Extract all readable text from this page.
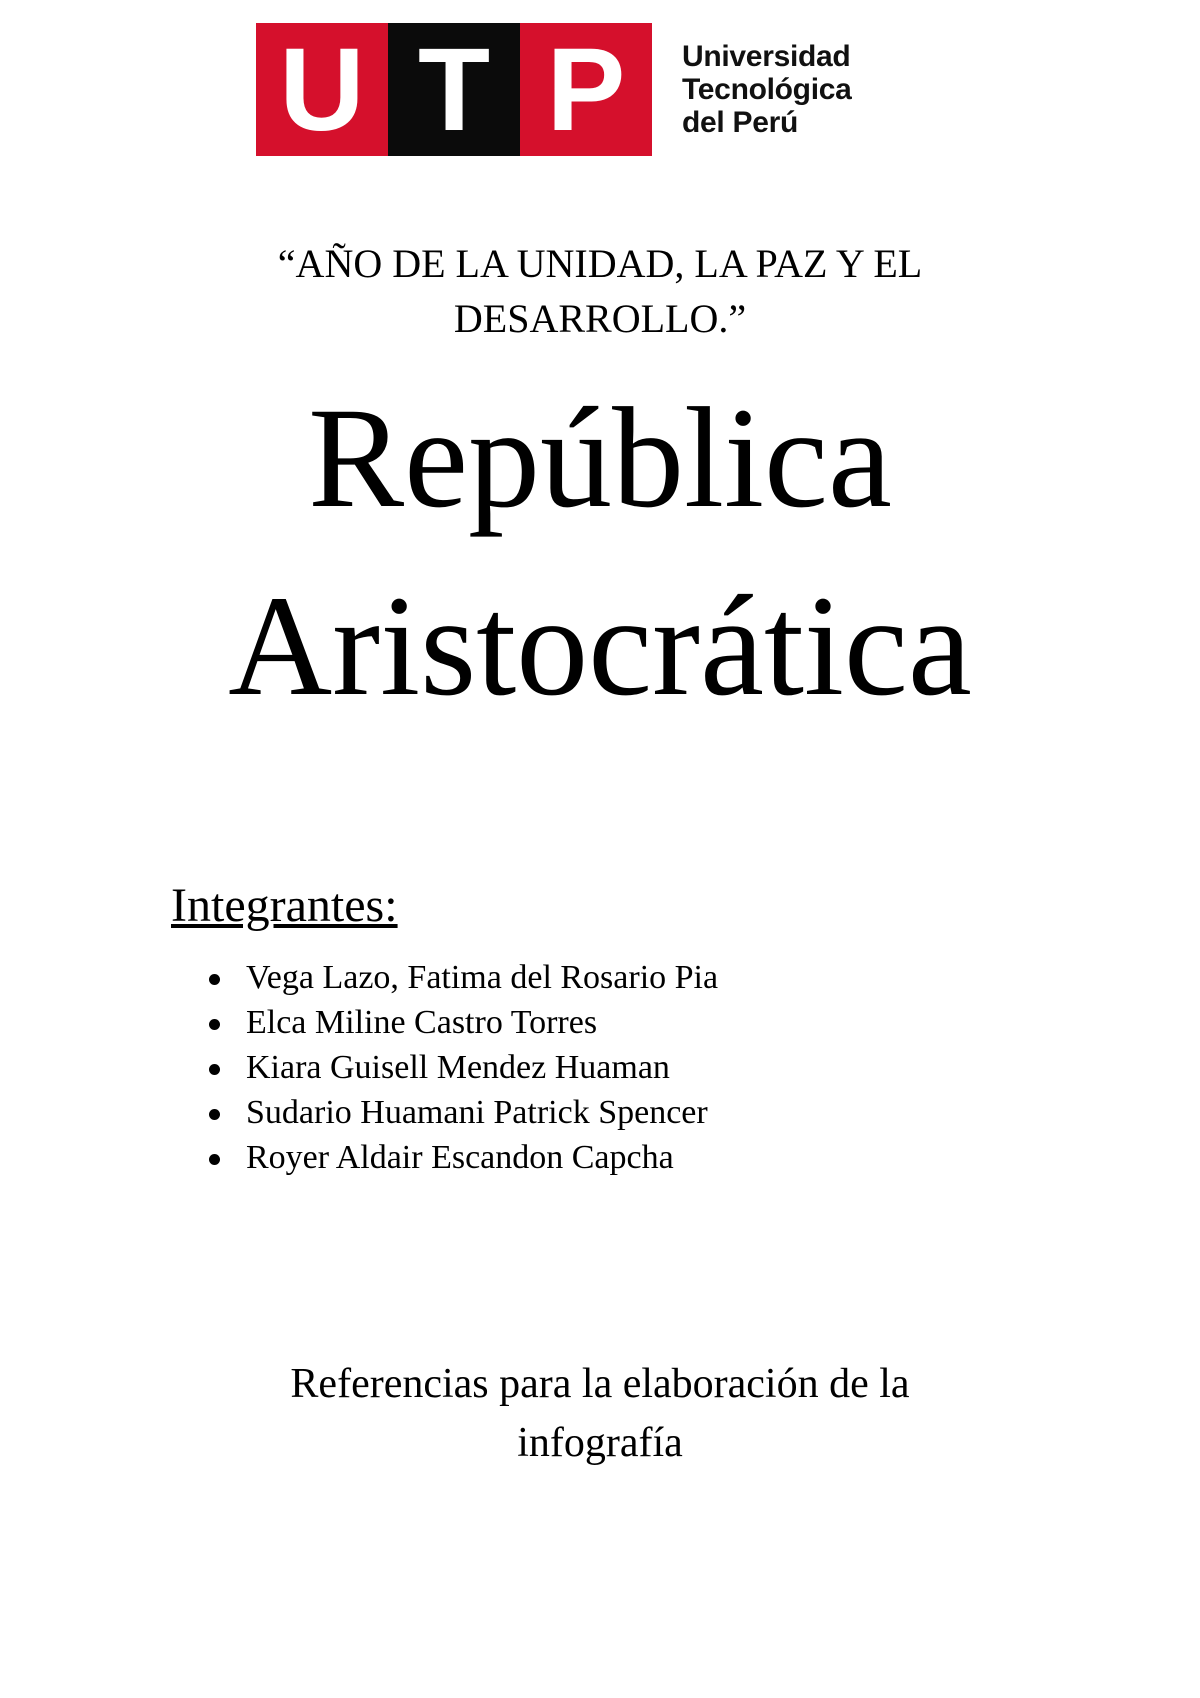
U T P	Universidad
Tecnológica
del Perú
“AÑO DE LA UNIDAD, LA PAZ Y EL
DESARROLLO.”
República
Aristocrática
Integrantes:
Vega Lazo, Fatima del Rosario Pia
Elca Miline Castro Torres
Kiara Guisell Mendez Huaman
Sudario Huamani Patrick Spencer
Royer Aldair Escandon Capcha
Referencias para la elaboración de la
infografía
